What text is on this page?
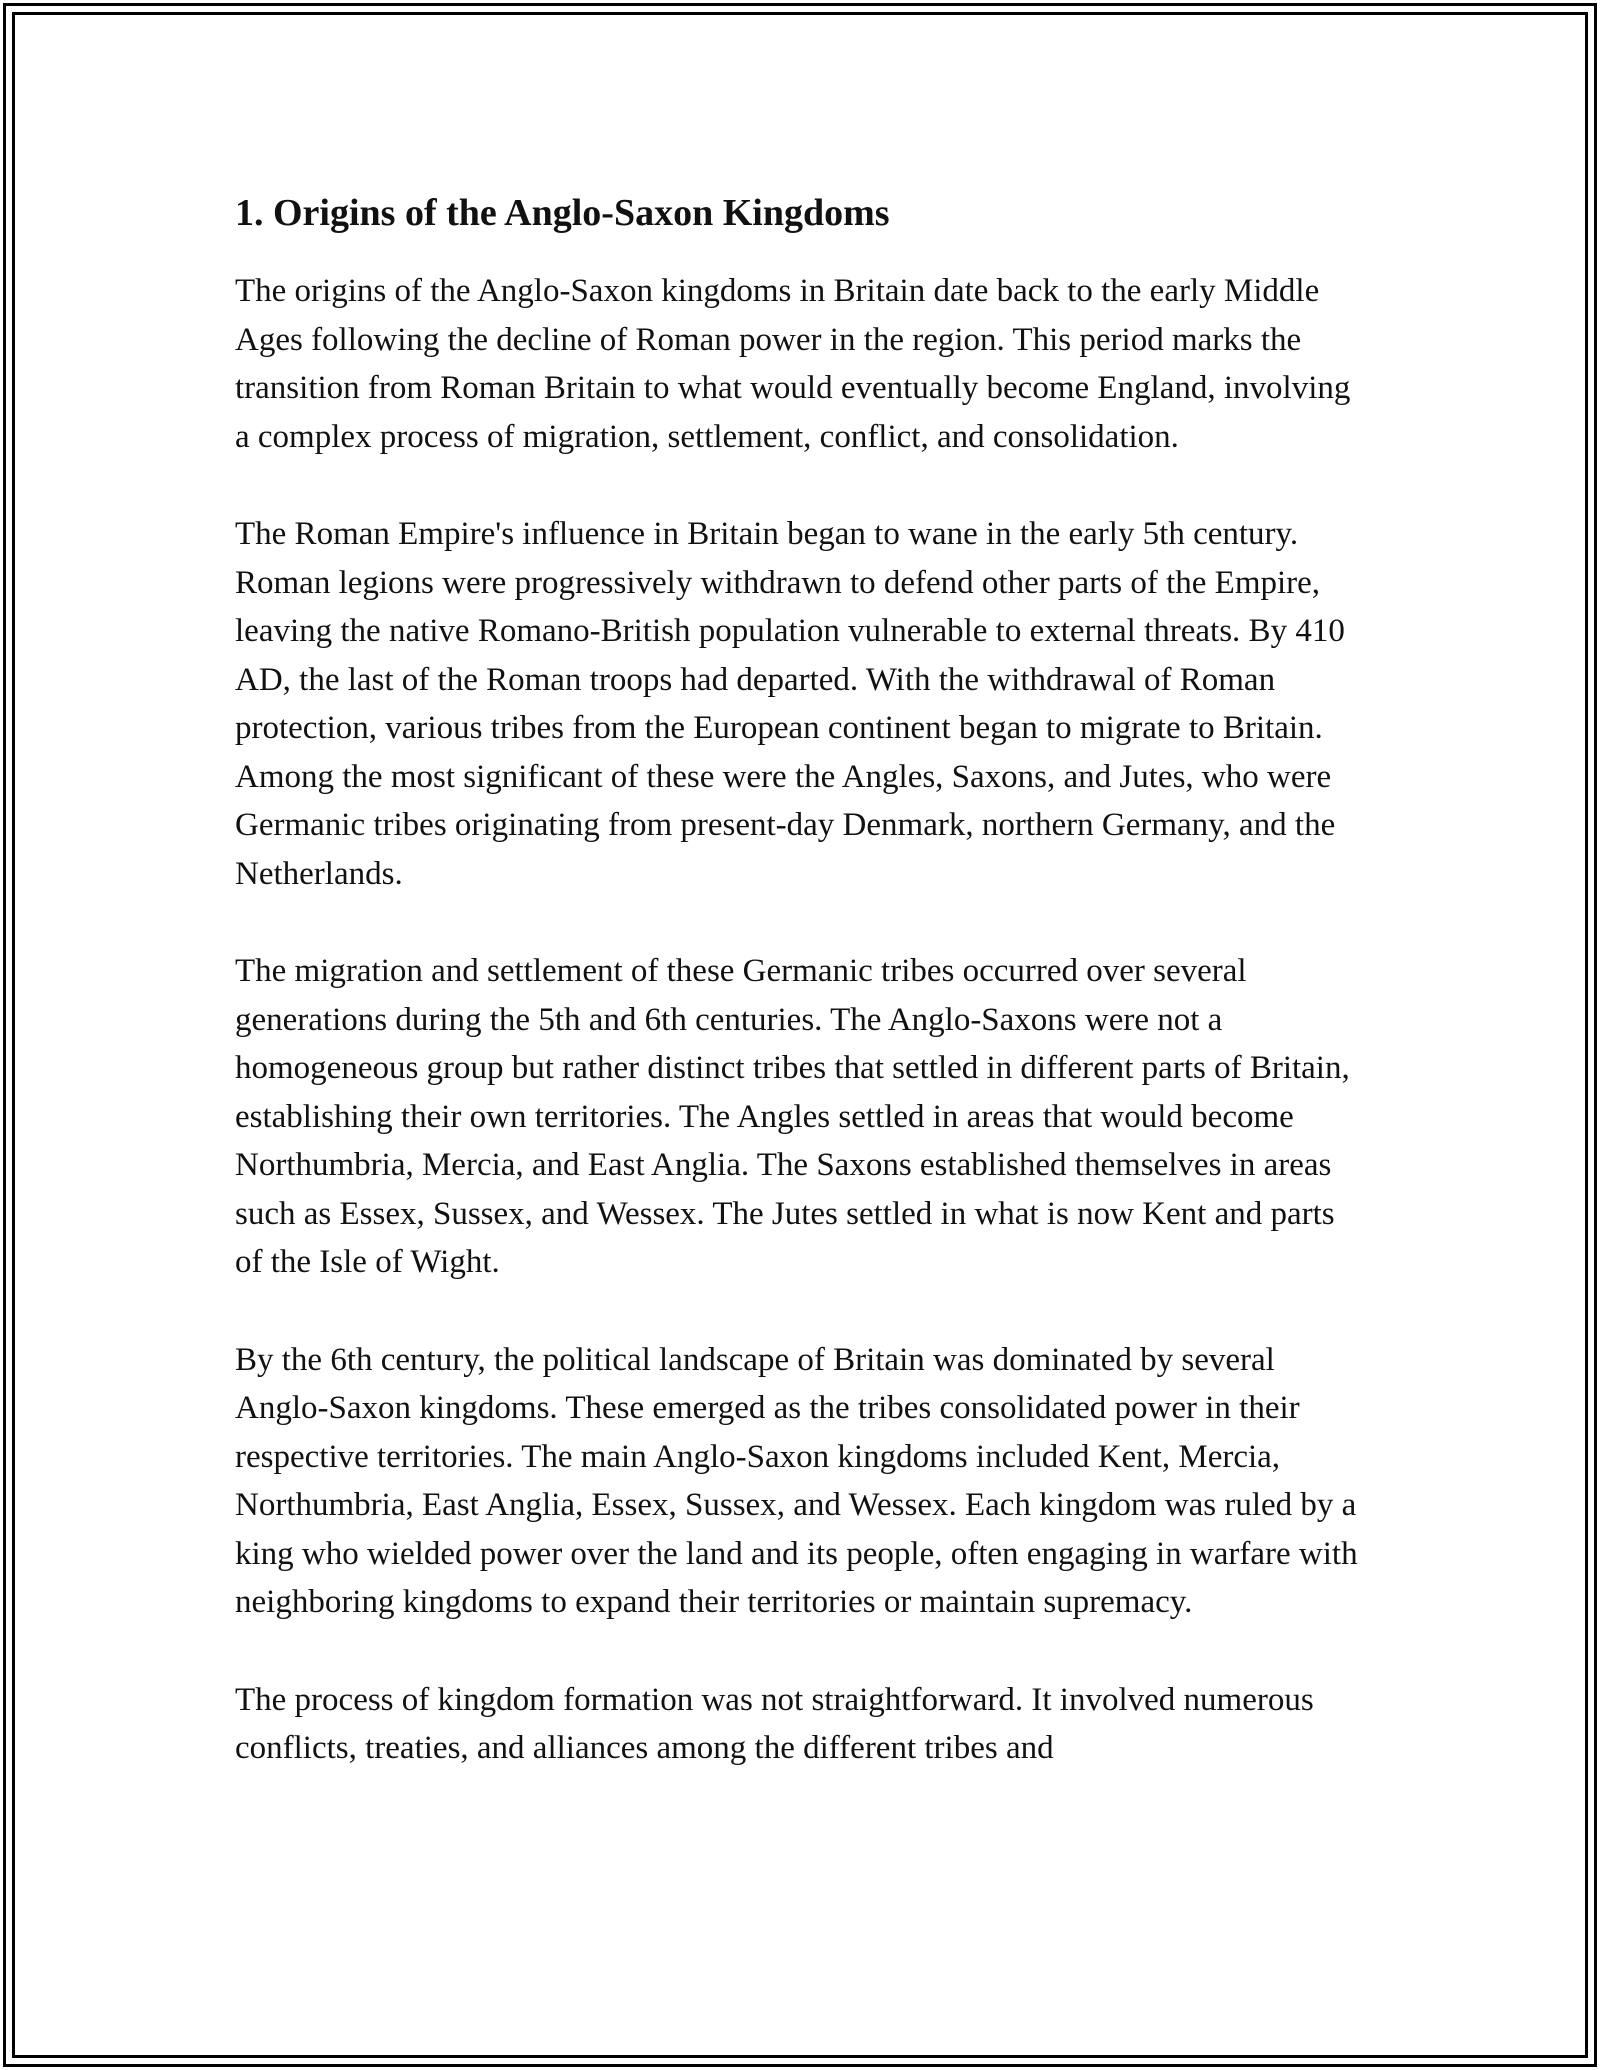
1. Origins of the Anglo-Saxon Kingdoms

The origins of the Anglo-Saxon kingdoms in Britain date back to the early Middle Ages following the decline of Roman power in the region. This period marks the transition from Roman Britain to what would eventually become England, involving a complex process of migration, settlement, conflict, and consolidation.

The Roman Empire's influence in Britain began to wane in the early 5th century. Roman legions were progressively withdrawn to defend other parts of the Empire, leaving the native Romano-British population vulnerable to external threats. By 410 AD, the last of the Roman troops had departed. With the withdrawal of Roman protection, various tribes from the European continent began to migrate to Britain. Among the most significant of these were the Angles, Saxons, and Jutes, who were Germanic tribes originating from present-day Denmark, northern Germany, and the Netherlands.

The migration and settlement of these Germanic tribes occurred over several generations during the 5th and 6th centuries. The Anglo-Saxons were not a homogeneous group but rather distinct tribes that settled in different parts of Britain, establishing their own territories. The Angles settled in areas that would become Northumbria, Mercia, and East Anglia. The Saxons established themselves in areas such as Essex, Sussex, and Wessex. The Jutes settled in what is now Kent and parts of the Isle of Wight.

By the 6th century, the political landscape of Britain was dominated by several Anglo-Saxon kingdoms. These emerged as the tribes consolidated power in their respective territories. The main Anglo-Saxon kingdoms included Kent, Mercia, Northumbria, East Anglia, Essex, Sussex, and Wessex. Each kingdom was ruled by a king who wielded power over the land and its people, often engaging in warfare with neighboring kingdoms to expand their territories or maintain supremacy.

The process of kingdom formation was not straightforward. It involved numerous conflicts, treaties, and alliances among the different tribes and
